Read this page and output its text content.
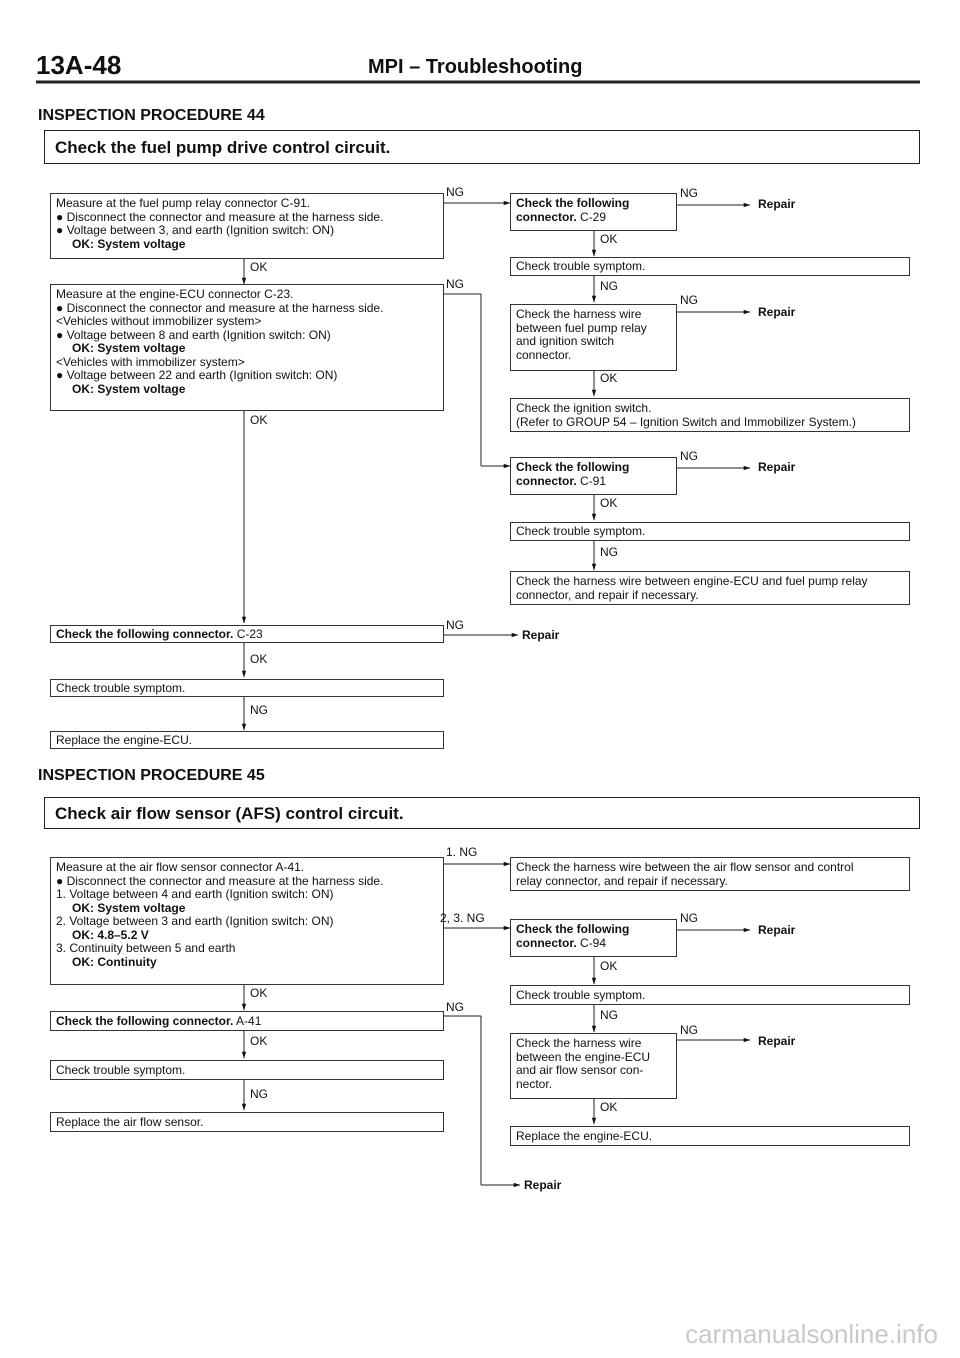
13A-48	MPI – Troubleshooting
INSPECTION PROCEDURE 44
Check the fuel pump drive control circuit.
Measure at the fuel pump relay connector C-91.
● Disconnect the connector and measure at the harness side.
● Voltage between 3, and earth (Ignition switch: ON)
OK: System voltage
Measure at the engine-ECU connector C-23.
● Disconnect the connector and measure at the harness side.
<Vehicles without immobilizer system>
● Voltage between 8 and earth (Ignition switch: ON)
OK: System voltage
<Vehicles with immobilizer system>
● Voltage between 22 and earth (Ignition switch: ON)
OK: System voltage
Check the following connector. C-23
Check trouble symptom.
Replace the engine-ECU.
Check the following
connector. C-29
Check trouble symptom.
Check the harness wire
between fuel pump relay
and ignition switch
connector.
Check the ignition switch.
(Refer to GROUP 54 – Ignition Switch and Immobilizer System.)
Check the following
connector. C-91
Check trouble symptom.
Check the harness wire between engine-ECU and fuel pump relay
connector, and repair if necessary.
OK
OK
OK
NG
NG
NG
NG
Repair
NG
Repair
OK
NG
NG
Repair
OK
NG
Repair
OK
NG
INSPECTION PROCEDURE 45
Check air flow sensor (AFS) control circuit.
Measure at the air flow sensor connector A-41.
● Disconnect the connector and measure at the harness side.
1. Voltage between 4 and earth (Ignition switch: ON)
OK: System voltage
2. Voltage between 3 and earth (Ignition switch: ON)
OK: 4.8–5.2 V
3. Continuity between 5 and earth
OK: Continuity
Check the following connector. A-41
Check trouble symptom.
Replace the air flow sensor.
Check the harness wire between the air flow sensor and control
relay connector, and repair if necessary.
Check the following
connector. C-94
Check trouble symptom.
Check the harness wire
between the engine-ECU
and air flow sensor con-
nector.
Replace the engine-ECU.
1. NG
2, 3. NG
NG
OK
OK
NG
NG
Repair
OK
NG
NG
Repair
OK
Repair
carmanualsonline.info
